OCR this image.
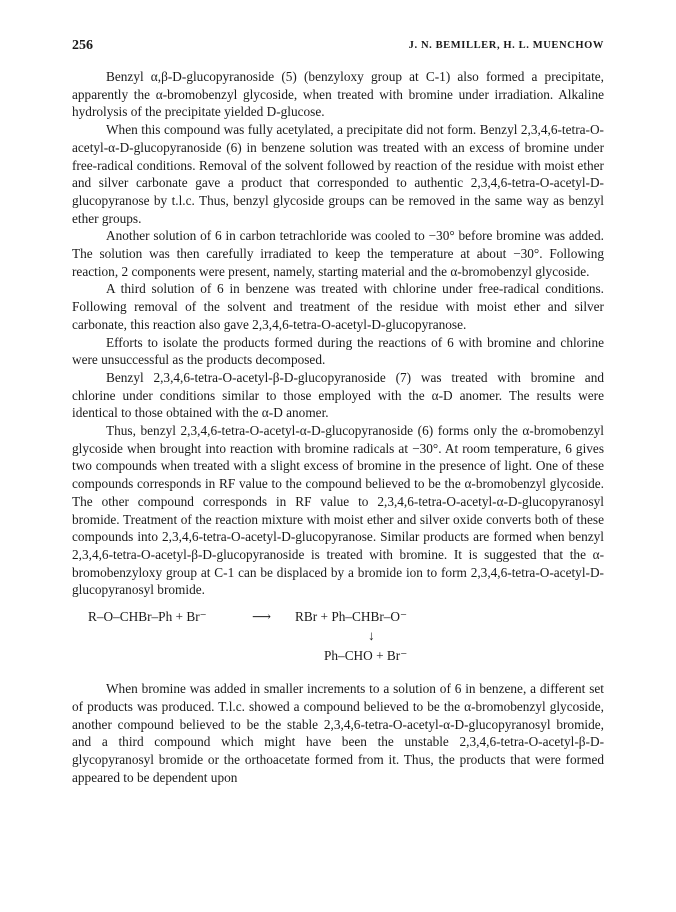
256	J. N. BEMILLER, H. L. MUENCHOW

Benzyl α,β-D-glucopyranoside (5) (benzyloxy group at C-1) also formed a precipitate, apparently the α-bromobenzyl glycoside, when treated with bromine under irradiation. Alkaline hydrolysis of the precipitate yielded D-glucose.

When this compound was fully acetylated, a precipitate did not form. Benzyl 2,3,4,6-tetra-O-acetyl-α-D-glucopyranoside (6) in benzene solution was treated with an excess of bromine under free-radical conditions. Removal of the solvent followed by reaction of the residue with moist ether and silver carbonate gave a product that corresponded to authentic 2,3,4,6-tetra-O-acetyl-D-glucopyranose by t.l.c. Thus, benzyl glycoside groups can be removed in the same way as benzyl ether groups.

Another solution of 6 in carbon tetrachloride was cooled to −30° before bromine was added. The solution was then carefully irradiated to keep the temperature at about −30°. Following reaction, 2 components were present, namely, starting material and the α-bromobenzyl glycoside.

A third solution of 6 in benzene was treated with chlorine under free-radical conditions. Following removal of the solvent and treatment of the residue with moist ether and silver carbonate, this reaction also gave 2,3,4,6-tetra-O-acetyl-D-glucopyranose.

Efforts to isolate the products formed during the reactions of 6 with bromine and chlorine were unsuccessful as the products decomposed.

Benzyl 2,3,4,6-tetra-O-acetyl-β-D-glucopyranoside (7) was treated with bromine and chlorine under conditions similar to those employed with the α-D anomer. The results were identical to those obtained with the α-D anomer.

Thus, benzyl 2,3,4,6-tetra-O-acetyl-α-D-glucopyranoside (6) forms only the α-bromobenzyl glycoside when brought into reaction with bromine radicals at −30°. At room temperature, 6 gives two compounds when treated with a slight excess of bromine in the presence of light. One of these compounds corresponds in RF value to the compound believed to be the α-bromobenzyl glycoside. The other compound corresponds in RF value to 2,3,4,6-tetra-O-acetyl-α-D-glucopyranosyl bromide. Treatment of the reaction mixture with moist ether and silver oxide converts both of these compounds into 2,3,4,6-tetra-O-acetyl-D-glucopyranose. Similar products are formed when benzyl 2,3,4,6-tetra-O-acetyl-β-D-glucopyranoside is treated with bromine. It is suggested that the α-bromobenzyloxy group at C-1 can be displaced by a bromide ion to form 2,3,4,6-tetra-O-acetyl-D-glucopyranosyl bromide.

R–O–CHBr–Ph + Br⁻	⟶ RBr + Ph–CHBr–O⁻
↓
Ph–CHO + Br⁻

When bromine was added in smaller increments to a solution of 6 in benzene, a different set of products was produced. T.l.c. showed a compound believed to be the α-bromobenzyl glycoside, another compound believed to be the stable 2,3,4,6-tetra-O-acetyl-α-D-glucopyranosyl bromide, and a third compound which might have been the unstable 2,3,4,6-tetra-O-acetyl-β-D-glycopyranosyl bromide or the orthoacetate formed from it. Thus, the products that were formed appeared to be dependent upon
